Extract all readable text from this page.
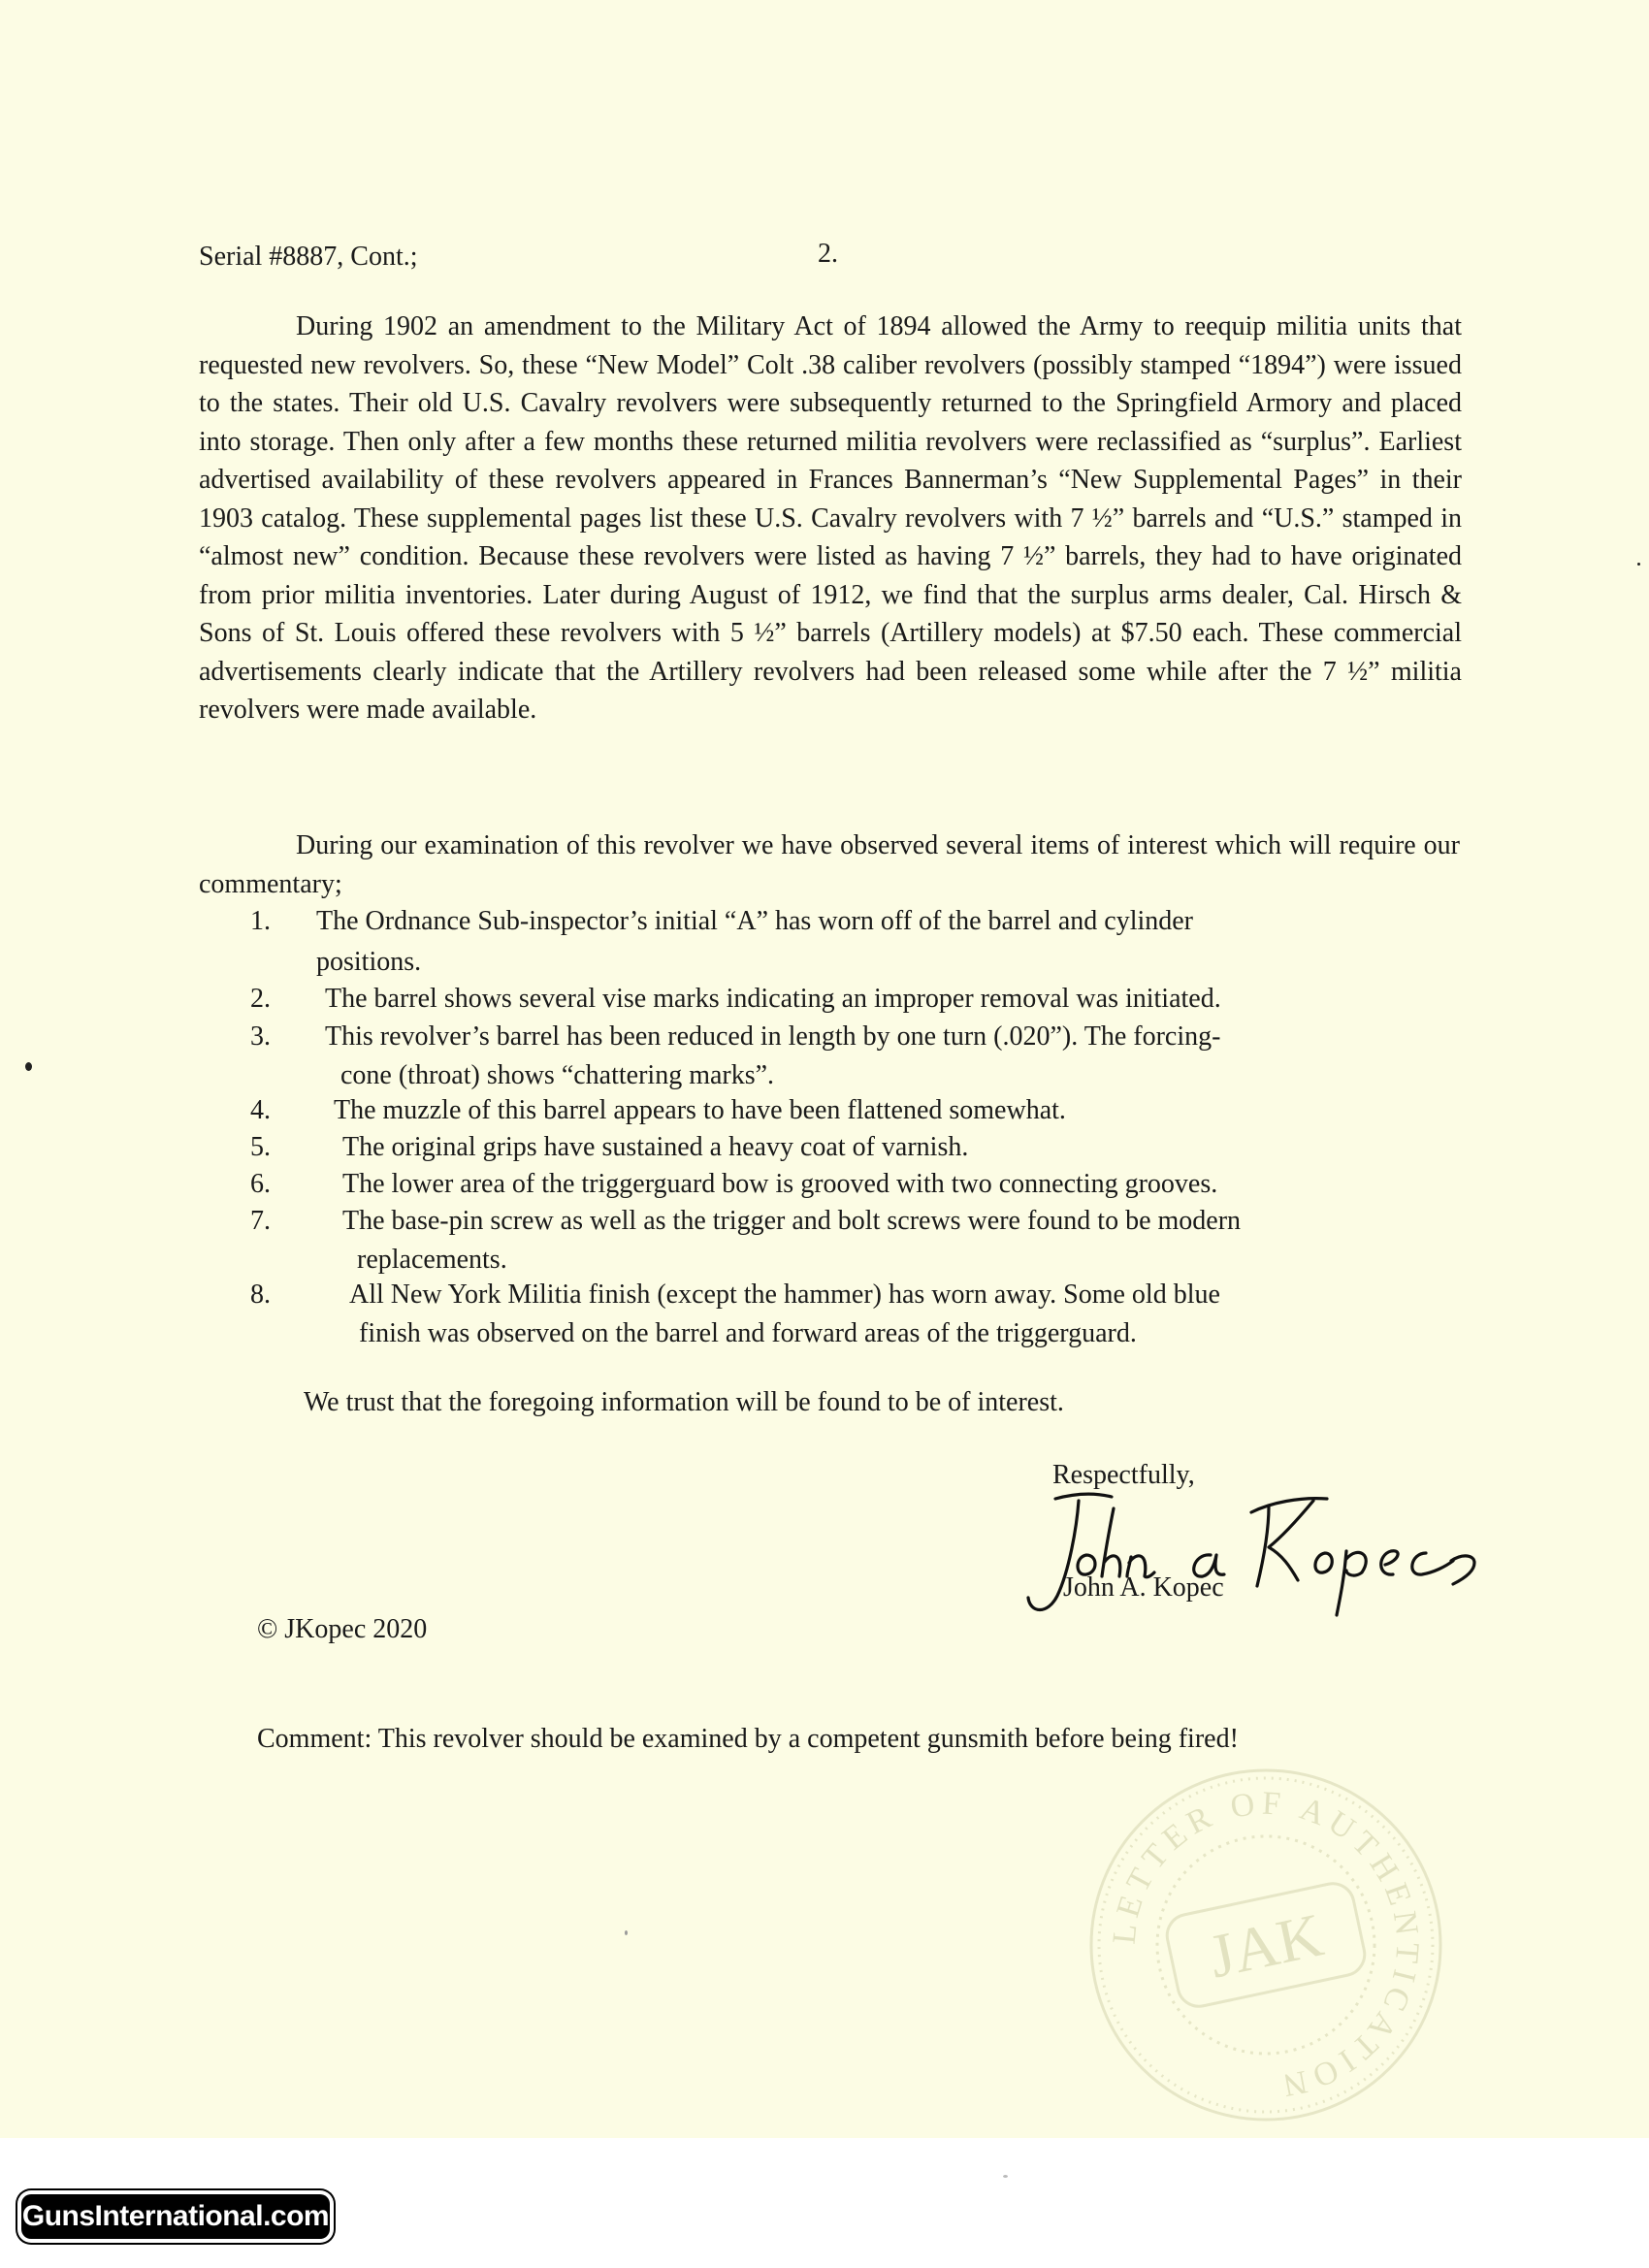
Serial #8887, Cont.;	2.
During 1902 an amendment to the Military Act of 1894 allowed the Army to reequip militia units that requested new revolvers. So, these “New Model” Colt .38 caliber revolvers (possibly stamped “1894”) were issued to the states. Their old U.S. Cavalry revolvers were subsequently returned to the Springfield Armory and placed into storage. Then only after a few months these returned militia revolvers were reclassified as “surplus”. Earliest advertised availability of these revolvers appeared in Frances Bannerman’s “New Supplemental Pages” in their 1903 catalog. These supplemental pages list these U.S. Cavalry revolvers with 7 ½” barrels and “U.S.” stamped in “almost new” condition. Because these revolvers were listed as having 7 ½” barrels, they had to have originated from prior militia inventories. Later during August of 1912, we find that the surplus arms dealer, Cal. Hirsch & Sons of St. Louis offered these revolvers with 5 ½” barrels (Artillery models) at $7.50 each. These commercial advertisements clearly indicate that the Artillery revolvers had been released some while after the 7 ½” militia revolvers were made available.
During our examination of this revolver we have observed several items of interest which will require our commentary;
1. The Ordnance Sub-inspector’s initial “A” has worn off of the barrel and cylinder
positions.
2. The barrel shows several vise marks indicating an improper removal was initiated.
3. This revolver’s barrel has been reduced in length by one turn (.020”). The forcing-
cone (throat) shows “chattering marks”.
4. The muzzle of this barrel appears to have been flattened somewhat.
5.	The original grips have sustained a heavy coat of varnish.
6.	The lower area of the triggerguard bow is grooved with two connecting grooves.
7.	The base-pin screw as well as the trigger and bolt screws were found to be modern
replacements.
8.	All New York Militia finish (except the hammer) has worn away. Some old blue
finish was observed on the barrel and forward areas of the triggerguard.
We trust that the foregoing information will be found to be of interest.
Respectfully,
John a Kopec
John A. Kopec
© JKopec 2020
Comment: This revolver should be examined by a competent gunsmith before being fired!
LETTER OF AUTHENTICATION
JAK
GunsInternational.com
